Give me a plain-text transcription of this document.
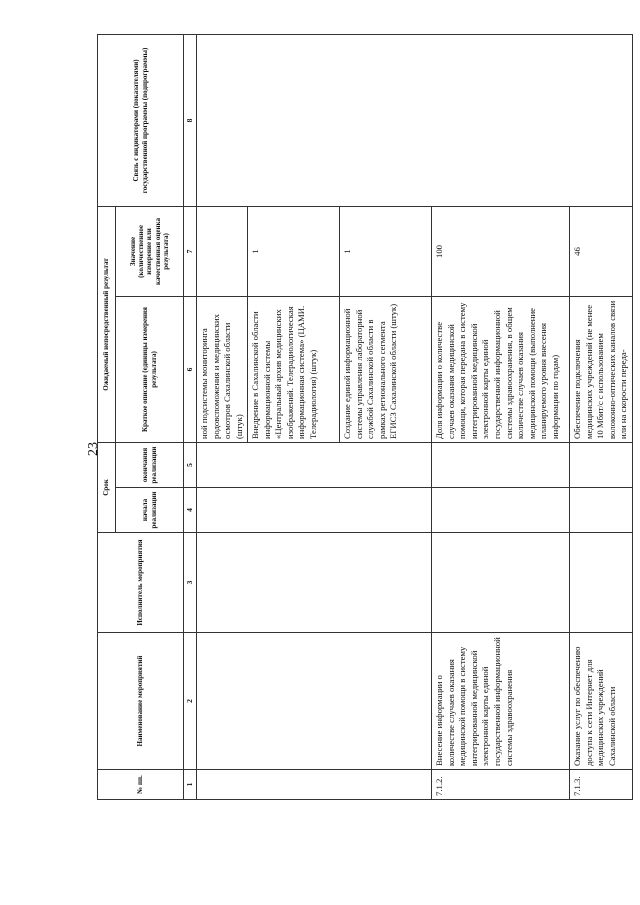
23
№ пп.	Наименование мероприятий	Исполнитель мероприятия	Срок		Ожидаемый непосредственный результат		Связь с индикаторами (показателями) государственной программы (подпрограммы)
			начала реализации	окончания реализации	Краткое описание (единицы измерения результата)	Значение (количественное измерение или качественная оценка результата)	

1	2	3	4	5	6	7	8
					ной подсистемы мониторинга родовспоможения и медицинских осмотров Сахалинской области (штук)		
					Внедрение в Сахалинской области информационной системы «Центральный архив медицинских изображений. Телерадиологическая информационная система» (ЦАМИ. Телерадиология) (штук)	1	
					Создание единой информационной системы управления лабораторной службой Сахалинской области в рамках регионального сегмента ЕГИСЗ Сахалинской области (штук)	1	
7.1.2.	Внесение информации о количестве случаев оказания медицинской помощи в систему интегрированной медицинской электронной карты единой государственной информационной системы здравоохранения				Доля информации о количестве случаев оказания медицинской помощи, которая передана в систему интегрированной медицинской электронной карты единой государственной информационной системы здравоохранения, в общем количестве случаев оказания медицинской помощи (выполнение планируемого уровня внесения информации по годам)	100	
7.1.3.	Оказание услуг по обеспечению доступа к сети Интернет для медицинских учреждений Сахалинской области				Обеспечение подключения медицинских учреждений (не менее 10 Мбит/с с использованием волоконно-оптических каналов связи или на скорости переда-	46	
